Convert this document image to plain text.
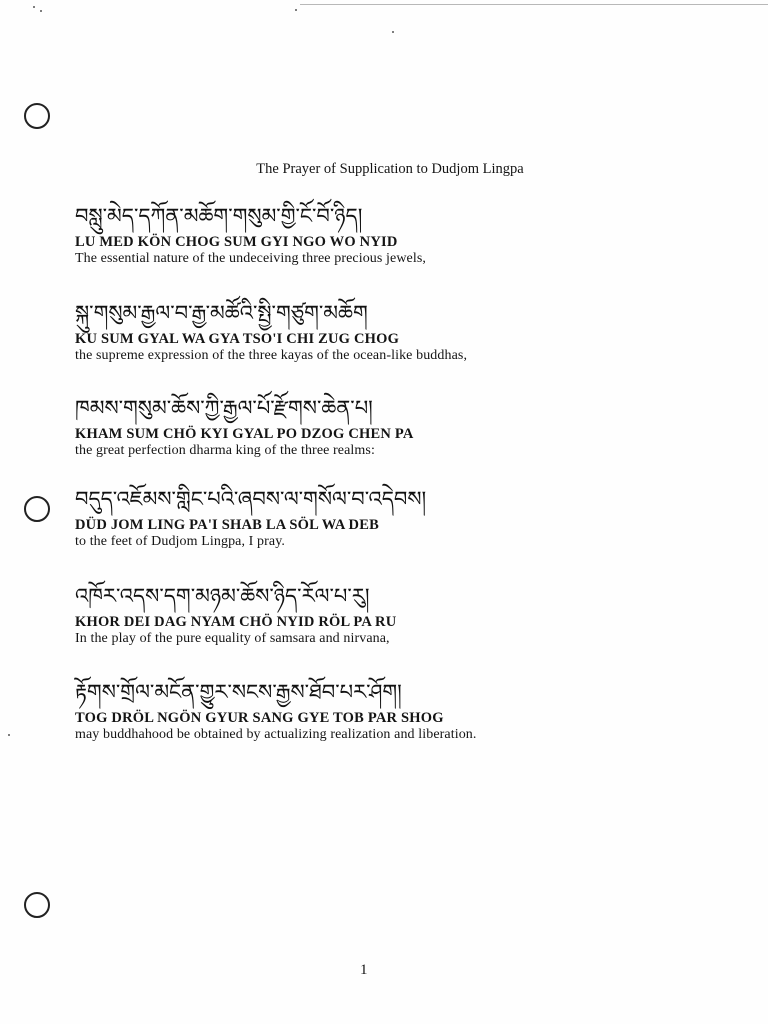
The Prayer of Supplication to Dudjom Lingpa
བསླུ་མེད་དཀོན་མཆོག་གསུམ་གྱི་ངོ་བོ་ཉིད།
LU MED KÖN CHOG SUM GYI NGO WO NYID
The essential nature of the undeceiving three precious jewels,
སྐུ་གསུམ་རྒྱལ་བ་རྒྱ་མཚོའི་སྤྱི་གཙུག་མཆོག
KU SUM GYAL WA GYA TSO'I CHI ZUG CHOG
the supreme expression of the three kayas of the ocean-like buddhas,
ཁམས་གསུམ་ཆོས་ཀྱི་རྒྱལ་པོ་རྫོགས་ཆེན་པ།
KHAM SUM CHÖ KYI GYAL PO DZOG CHEN PA
the great perfection dharma king of the three realms:
བདུད་འཇོམས་གླིང་པའི་ཞབས་ལ་གསོལ་བ་འདེབས།
DÜD JOM LING PA'I SHAB LA SÖL WA DEB
to the feet of Dudjom Lingpa, I pray.
འཁོར་འདས་དག་མཉམ་ཆོས་ཉིད་རོལ་པ་རུ།
KHOR DEI DAG NYAM CHÖ NYID RÖL PA RU
In the play of the pure equality of samsara and nirvana,
རྟོགས་གྲོལ་མངོན་གྱུར་སངས་རྒྱས་ཐོབ་པར་ཤོག།
TOG DRÖL NGÖN GYUR SANG GYE TOB PAR SHOG
may buddhahood be obtained by actualizing realization and liberation.
1
